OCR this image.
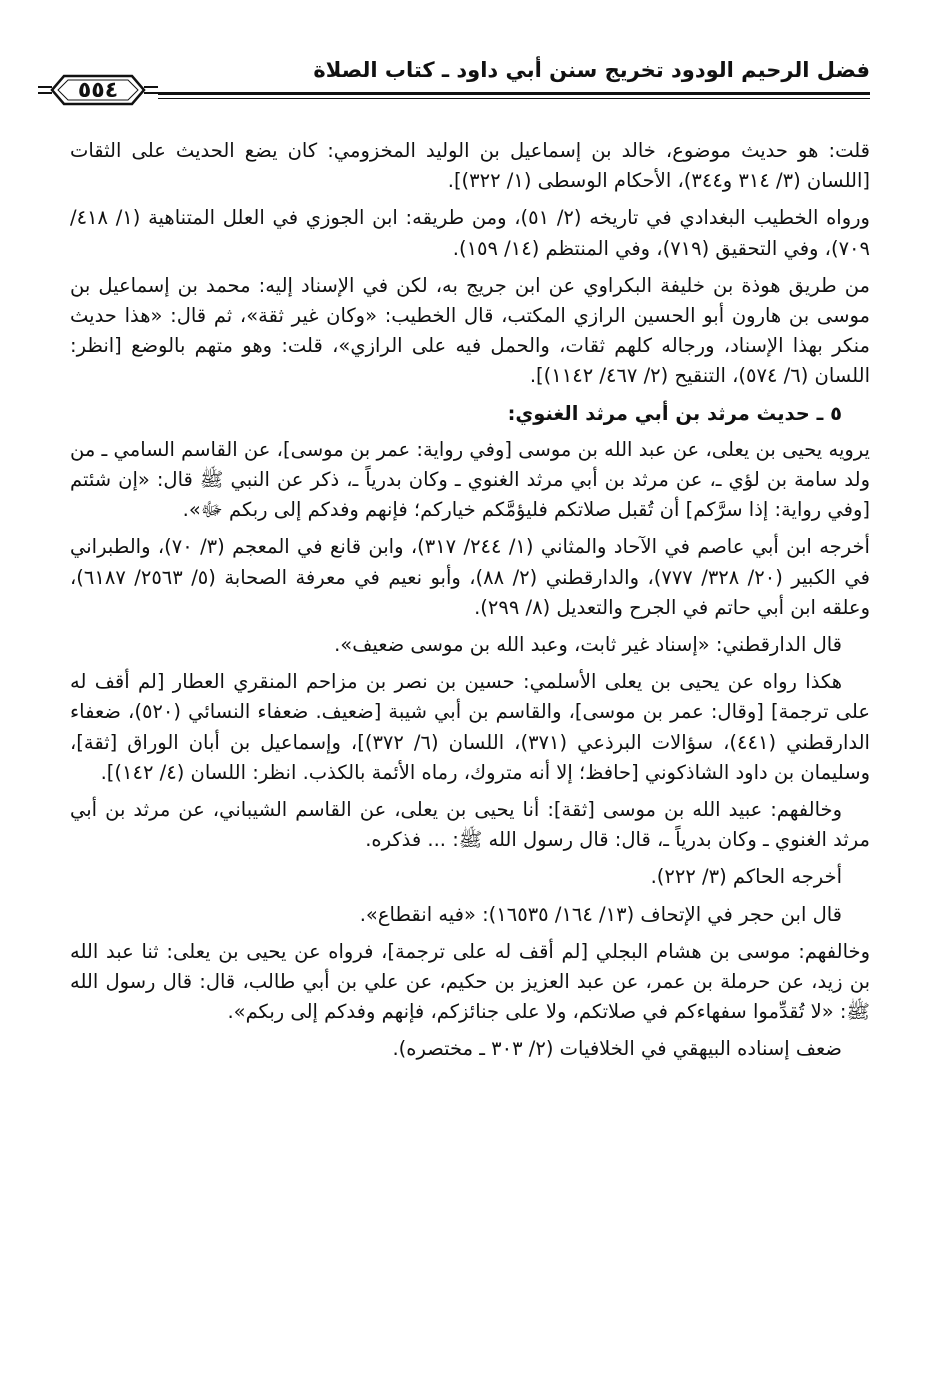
فضل الرحيم الودود تخريج سنن أبي داود ـ كتاب الصلاة
٥٥٤

قلت: هو حديث موضوع، خالد بن إسماعيل بن الوليد المخزومي: كان يضع الحديث على الثقات [اللسان (٣/ ٣١٤ و٣٤٤)، الأحكام الوسطى (١/ ٣٢٢)].

ورواه الخطيب البغدادي في تاريخه (٢/ ٥١)، ومن طريقه: ابن الجوزي في العلل المتناهية (١/ ٤١٨/ ٧٠٩)، وفي التحقيق (٧١٩)، وفي المنتظم (١٤/ ١٥٩).

من طريق هوذة بن خليفة البكراوي عن ابن جريج به، لكن في الإسناد إليه: محمد بن إسماعيل بن موسى بن هارون أبو الحسين الرازي المكتب، قال الخطيب: «وكان غير ثقة»، ثم قال: «هذا حديث منكر بهذا الإسناد، ورجاله كلهم ثقات، والحمل فيه على الرازي»، قلت: وهو متهم بالوضع [انظر: اللسان (٦/ ٥٧٤)، التنقيح (٢/ ٤٦٧/ ١١٤٢)].

٥ ـ حديث مرثد بن أبي مرثد الغنوي:

يرويه يحيى بن يعلى، عن عبد الله بن موسى [وفي رواية: عمر بن موسى]، عن القاسم السامي ـ من ولد سامة بن لؤي ـ، عن مرثد بن أبي مرثد الغنوي ـ وكان بدرياً ـ، ذكر عن النبي ﷺ قال: «إن شئتم [وفي رواية: إذا سرَّكم] أن تُقبل صلاتكم فليؤمَّكم خياركم؛ فإنهم وفدكم إلى ربكم ﷻ».

أخرجه ابن أبي عاصم في الآحاد والمثاني (١/ ٢٤٤/ ٣١٧)، وابن قانع في المعجم (٣/ ٧٠)، والطبراني في الكبير (٢٠/ ٣٢٨/ ٧٧٧)، والدارقطني (٢/ ٨٨)، وأبو نعيم في معرفة الصحابة (٥/ ٢٥٦٣/ ٦١٨٧)، وعلقه ابن أبي حاتم في الجرح والتعديل (٨/ ٢٩٩).

قال الدارقطني: «إسناد غير ثابت، وعبد الله بن موسى ضعيف».

هكذا رواه عن يحيى بن يعلى الأسلمي: حسين بن نصر بن مزاحم المنقري العطار [لم أقف له على ترجمة] [وقال: عمر بن موسى]، والقاسم بن أبي شيبة [ضعيف. ضعفاء النسائي (٥٢٠)، ضعفاء الدارقطني (٤٤١)، سؤالات البرذعي (٣٧١)، اللسان (٦/ ٣٧٢)]، وإسماعيل بن أبان الوراق [ثقة]، وسليمان بن داود الشاذكوني [حافظ؛ إلا أنه متروك، رماه الأئمة بالكذب. انظر: اللسان (٤/ ١٤٢)].

وخالفهم: عبيد الله بن موسى [ثقة]: أنا يحيى بن يعلى، عن القاسم الشيباني، عن مرثد بن أبي مرثد الغنوي ـ وكان بدرياً ـ، قال: قال رسول الله ﷺ: ... فذكره.

أخرجه الحاكم (٣/ ٢٢٢).

قال ابن حجر في الإتحاف (١٣/ ١٦٤/ ١٦٥٣٥): «فيه انقطاع».

وخالفهم: موسى بن هشام البجلي [لم أقف له على ترجمة]، فرواه عن يحيى بن يعلى: ثنا عبد الله بن زيد، عن حرملة بن عمر، عن عبد العزيز بن حكيم، عن علي بن أبي طالب، قال: قال رسول الله ﷺ: «لا تُقدِّموا سفهاءكم في صلاتكم، ولا على جنائزكم، فإنهم وفدكم إلى ربكم».

ضعف إسناده البيهقي في الخلافيات (٢/ ٣٠٣ ـ مختصره).
